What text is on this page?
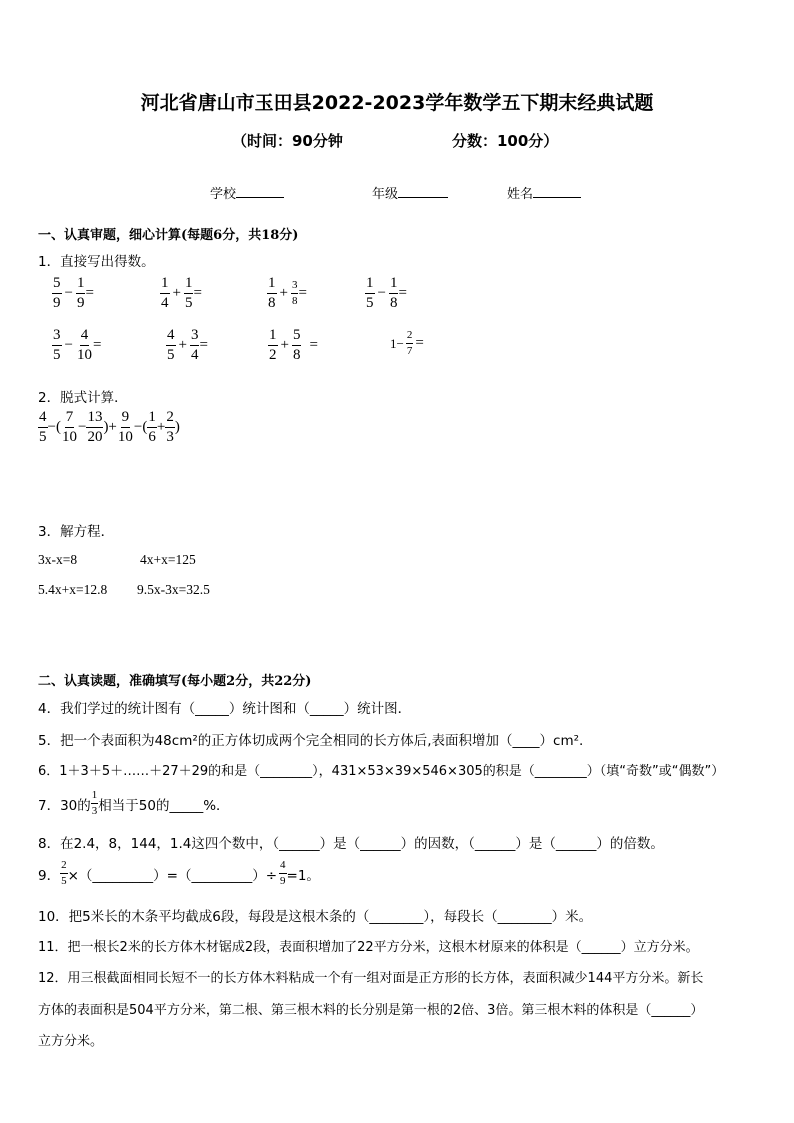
河北省唐山市玉田县2022-2023学年数学五下期末经典试题
（时间：90分钟	分数：100分）
学校	年级	姓名
一、认真审题，细心计算(每题6分，共18分)
1．直接写出得数。
$\frac{5}{9} - \frac{1}{9}$ =	$\frac{1}{4} + \frac{1}{5}$ =	$\frac{1}{8} + \frac{3}{8}$ =	$\frac{1}{5} - \frac{1}{8}$ =
$\frac{3}{5} - \frac{4}{10}$ =	$\frac{4}{5} + \frac{3}{4}$ =	$\frac{1}{2} + \frac{5}{8}$ =	$1- \frac{2}{7}$ =
2．脱式计算．
$\frac{4}{5}$ −( $\frac{7}{10} - \frac{13}{20}$ )+ $\frac{9}{10}$ −( $\frac{1}{6} + \frac{2}{3}$ )
3．解方程．
3x-x=8	4x+x=125
5.4x+x=12.8 9.5x-3x=32.5
二、认真读题，准确填写(每小题2分，共22分)
4．我们学过的统计图有（_____）统计图和（_____）统计图．
5．把一个表面积为48cm²的正方体切成两个完全相同的长方体后,表面积增加（____）cm².
6．1＋3＋5＋……＋27＋29的和是（________），431×53×39×546×305的积是（________）（填“奇数”或“偶数”）
7．30的 $\frac{1}{3}$ 相当于50的_____%．
8．在2.4，8，144，1.4这四个数中，（______）是（______）的因数，（______）是（______）的倍数。
9． $\frac{2}{5}$ ×（_________）=（_________）÷ $\frac{4}{9} =1$。
10．把5米长的木条平均截成6段，每段是这根木条的（________），每段长（________）米。
11．把一根长2米的长方体木材锯成2段，表面积增加了22平方分米，这根木材原来的体积是（______）立方分米。
12．用三根截面相同长短不一的长方体木料粘成一个有一组对面是正方形的长方体，表面积减少144平方分米。新长
方体的表面积是504平方分米，第二根、第三根木料的长分别是第一根的2倍、3倍。第三根木料的体积是（______）
立方分米。
